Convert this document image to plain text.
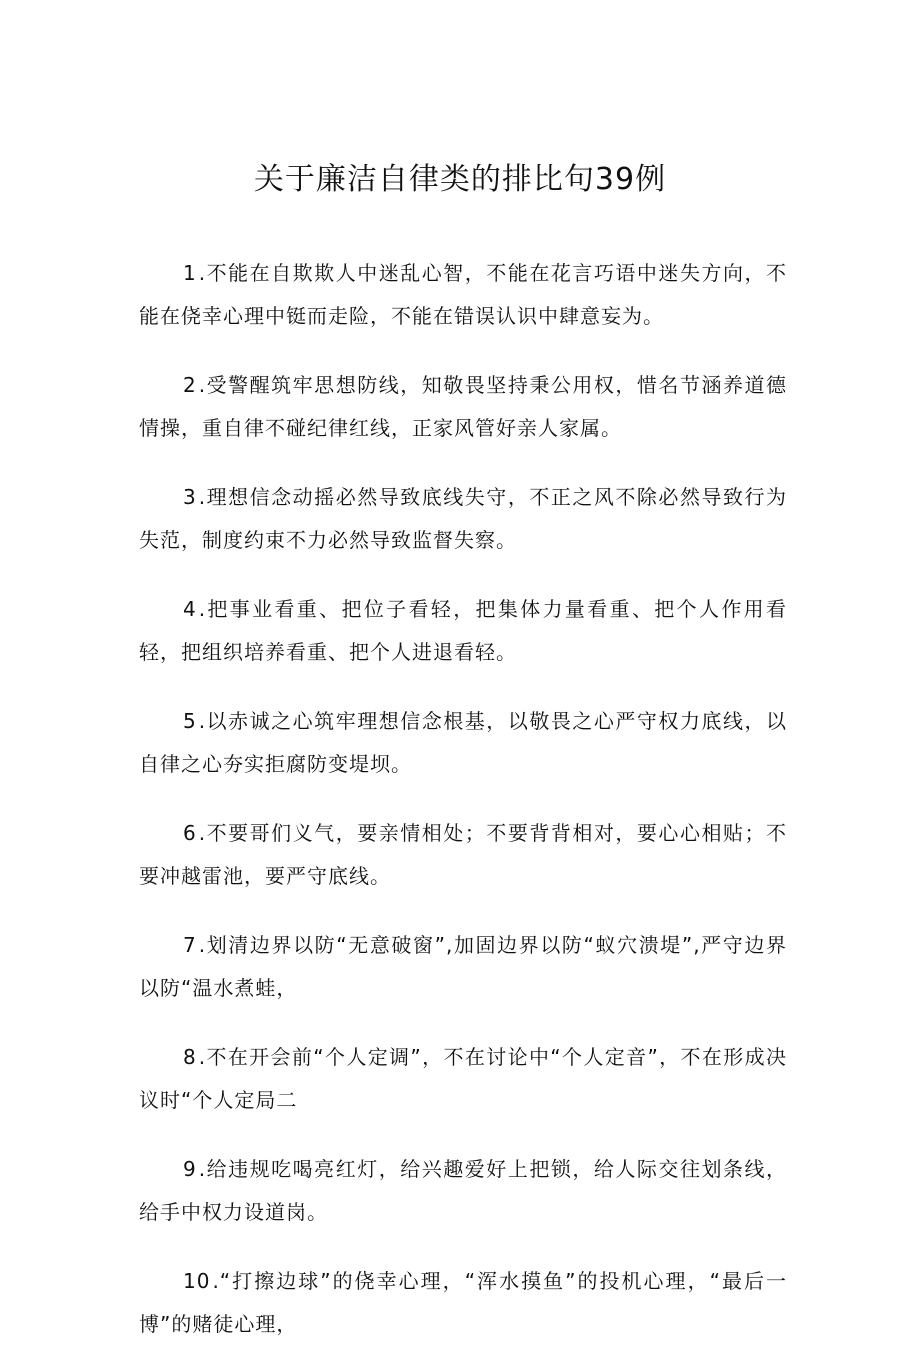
关于廉洁自律类的排比句39例
1 .不能在自欺欺人中迷乱心智，不能在花言巧语中迷失方向，不能在侥幸心理中铤而走险，不能在错误认识中肆意妄为。
2 .受警醒筑牢思想防线，知敬畏坚持秉公用权，惜名节涵养道德情操，重自律不碰纪律红线，正家风管好亲人家属。
3 .理想信念动摇必然导致底线失守，不正之风不除必然导致行为失范，制度约束不力必然导致监督失察。
4 .把事业看重、把位子看轻，把集体力量看重、把个人作用看轻，把组织培养看重、把个人进退看轻。
5 .以赤诚之心筑牢理想信念根基，以敬畏之心严守权力底线，以自律之心夯实拒腐防变堤坝。
6 .不要哥们义气，要亲情相处；不要背背相对，要心心相贴；不要冲越雷池，要严守底线。
7 .划清边界以防“无意破窗”,加固边界以防“蚁穴溃堤”,严守边界以防“温水煮蛙，
8 .不在开会前“个人定调”，不在讨论中“个人定音”，不在形成决议时“个人定局二
9 .给违规吃喝亮红灯，给兴趣爱好上把锁，给人际交往划条线，给手中权力设道岗。
10 .“打擦边球”的侥幸心理，“浑水摸鱼”的投机心理，“最后一博”的赌徒心理，
